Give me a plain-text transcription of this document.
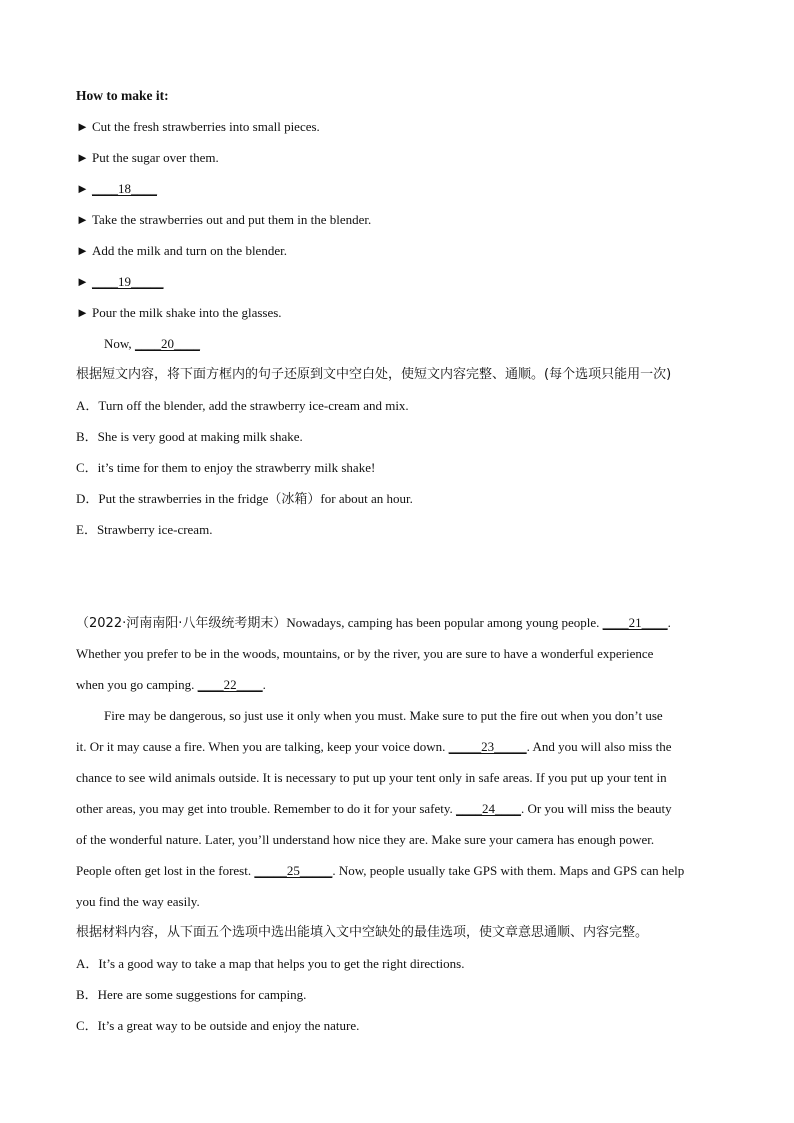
How to make it:
► Cut the fresh strawberries into small pieces.
► Put the sugar over them.
► ____18____
► Take the strawberries out and put them in the blender.
► Add the milk and turn on the blender.
► ____19_____
► Pour the milk shake into the glasses.
Now, ____20____
根据短文内容，将下面方框内的句子还原到文中空白处，使短文内容完整、通顺。(每个选项只能用一次)
A．Turn off the blender, add the strawberry ice-cream and mix.
B．She is very good at making milk shake.
C．it’s time for them to enjoy the strawberry milk shake!
D．Put the strawberries in the fridge（冰箱）for about an hour.
E．Strawberry ice-cream.
（2022·河南南阳·八年级统考期末）Nowadays, camping has been popular among young people. ____21____.
Whether you prefer to be in the woods, mountains, or by the river, you are sure to have a wonderful experience
when you go camping. ____22____.
Fire may be dangerous, so just use it only when you must. Make sure to put the fire out when you don’t use
it. Or it may cause a fire. When you are talking, keep your voice down. _____23_____. And you will also miss the
chance to see wild animals outside. It is necessary to put up your tent only in safe areas. If you put up your tent in
other areas, you may get into trouble. Remember to do it for your safety. ____24____. Or you will miss the beauty
of the wonderful nature. Later, you’ll understand how nice they are. Make sure your camera has enough power.
People often get lost in the forest. _____25_____. Now, people usually take GPS with them. Maps and GPS can help
you find the way easily.
根据材料内容，从下面五个选项中选出能填入文中空缺处的最佳选项，使文章意思通顺、内容完整。
A．It’s a good way to take a map that helps you to get the right directions.
B．Here are some suggestions for camping.
C．It’s a great way to be outside and enjoy the nature.
